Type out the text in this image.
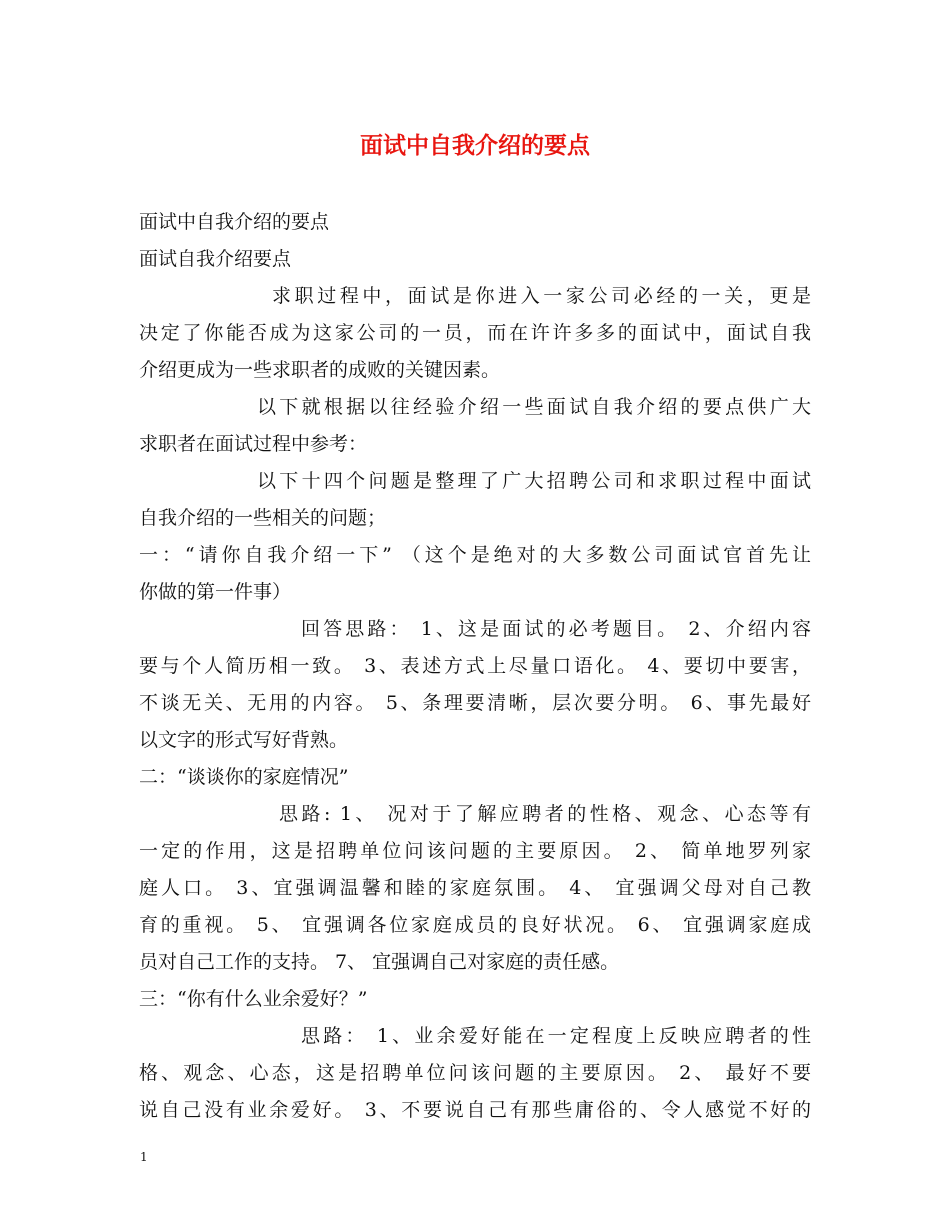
面试中自我介绍的要点
面试中自我介绍的要点
面试自我介绍要点
求职过程中，面试是你进入一家公司必经的一关，更是
决定了你能否成为这家公司的一员，而在许许多多的面试中，面试自我
介绍更成为一些求职者的成败的关键因素。
以下就根据以往经验介绍一些面试自我介绍的要点供广大
求职者在面试过程中参考：
以下十四个问题是整理了广大招聘公司和求职过程中面试
自我介绍的一些相关的问题；
一：“请你自我介绍一下” （这个是绝对的大多数公司面试官首先让
你做的第一件事）
回答思路： 1、这是面试的必考题目。 2、介绍内容
要与个人简历相一致。 3、表述方式上尽量口语化。 4、要切中要害，
不谈无关、无用的内容。 5、条理要清晰，层次要分明。 6、事先最好
以文字的形式写好背熟。
二：“谈谈你的家庭情况”
思路: 1、 况对于了解应聘者的性格、观念、心态等有
一定的作用，这是招聘单位问该问题的主要原因。 2、 简单地罗列家
庭人口。 3、宜强调温馨和睦的家庭氛围。 4、 宜强调父母对自己教
育的重视。 5、 宜强调各位家庭成员的良好状况。 6、 宜强调家庭成
员对自己工作的支持。 7、 宜强调自己对家庭的责任感。
三：“你有什么业余爱好？”
思路： 1、业余爱好能在一定程度上反映应聘者的性
格、观念、心态，这是招聘单位问该问题的主要原因。 2、 最好不要
说自己没有业余爱好。 3、不要说自己有那些庸俗的、令人感觉不好的
1
